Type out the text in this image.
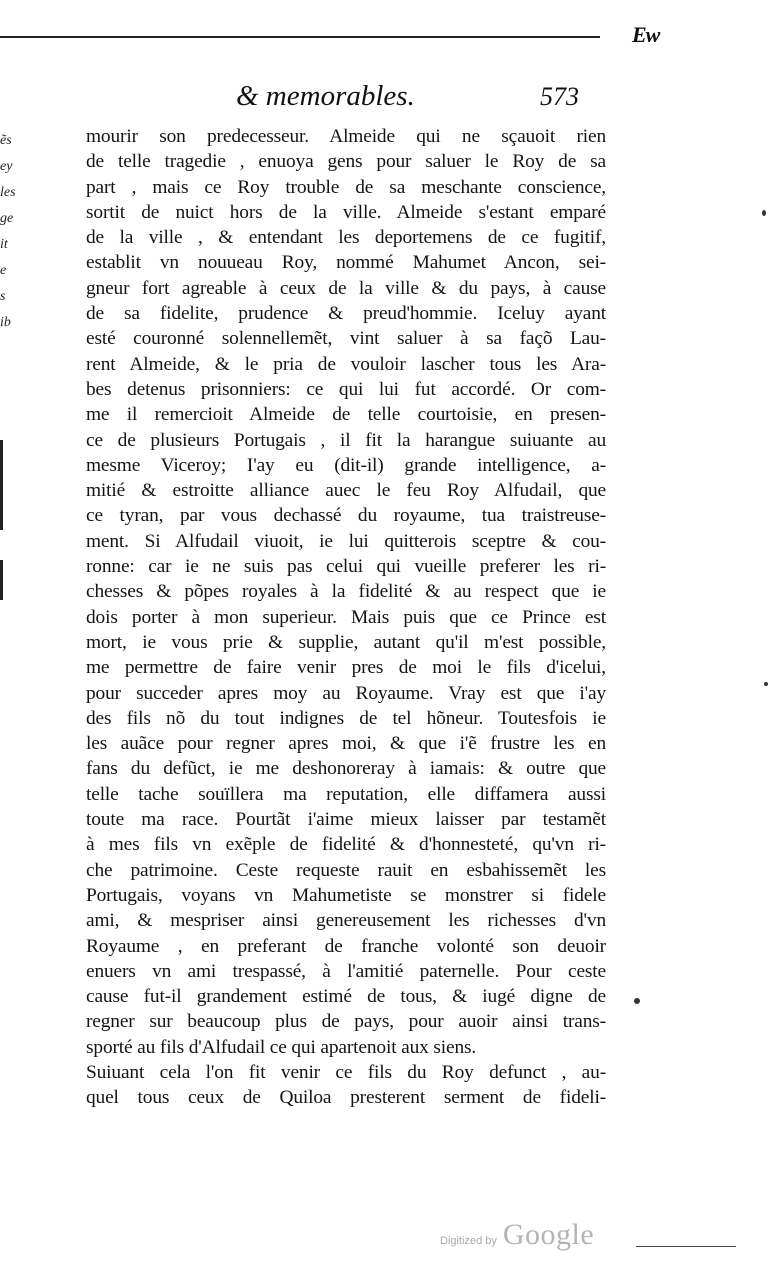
Ew
& memorables.	573
ẽs
ey
les
ge
it
e
s
ib
mourir son predecesseur. Almeide qui ne sçauoit rien
de telle tragedie , enuoya gens pour saluer le Roy de sa
part , mais ce Roy trouble de sa meschante conscience,
sortit de nuict hors de la ville. Almeide s'estant emparé
de la ville , & entendant les deportemens de ce fugitif,
establit vn nouueau Roy, nommé Mahumet Ancon, sei-
gneur fort agreable à ceux de la ville & du pays, à cause
de sa fidelite, prudence & preud'hommie. Iceluy ayant
esté couronné solennellemẽt, vint saluer à sa façõ Lau-
rent Almeide, & le pria de vouloir lascher tous les Ara-
bes detenus prisonniers: ce qui lui fut accordé. Or com-
me il remercioit Almeide de telle courtoisie, en presen-
ce de plusieurs Portugais , il fit la harangue suiuante au
mesme Viceroy; I'ay eu (dit-il) grande intelligence, a-
mitié & estroitte alliance auec le feu Roy Alfudail, que
ce tyran, par vous dechassé du royaume, tua traistreuse-
ment. Si Alfudail viuoit, ie lui quitterois sceptre & cou-
ronne: car ie ne suis pas celui qui vueille preferer les ri-
chesses & põpes royales à la fidelité & au respect que ie
dois porter à mon superieur. Mais puis que ce Prince est
mort, ie vous prie & supplie, autant qu'il m'est possible,
me permettre de faire venir pres de moi le fils d'icelui,
pour succeder apres moy au Royaume. Vray est que i'ay
des fils nõ du tout indignes de tel hõneur. Toutesfois ie
les auãce pour regner apres moi, & que i'ẽ frustre les en
fans du defũct, ie me deshonoreray à iamais: & outre que
telle tache souïllera ma reputation, elle diffamera aussi
toute ma race. Pourtãt i'aime mieux laisser par testamẽt
à mes fils vn exẽple de fidelité & d'honnesteté, qu'vn ri-
che patrimoine. Ceste requeste rauit en esbahissemẽt les
Portugais, voyans vn Mahumetiste se monstrer si fidele
ami, & mespriser ainsi genereusement les richesses d'vn
Royaume , en preferant de franche volonté son deuoir
enuers vn ami trespassé, à l'amitié paternelle. Pour ceste
cause fut-il grandement estimé de tous, & iugé digne de
regner sur beaucoup plus de pays, pour auoir ainsi trans-
sporté au fils d'Alfudail ce qui apartenoit aux siens.
Suiuant cela l'on fit venir ce fils du Roy defunct , au-
quel tous ceux de Quiloa presterent serment de fideli-
Digitized by Google
